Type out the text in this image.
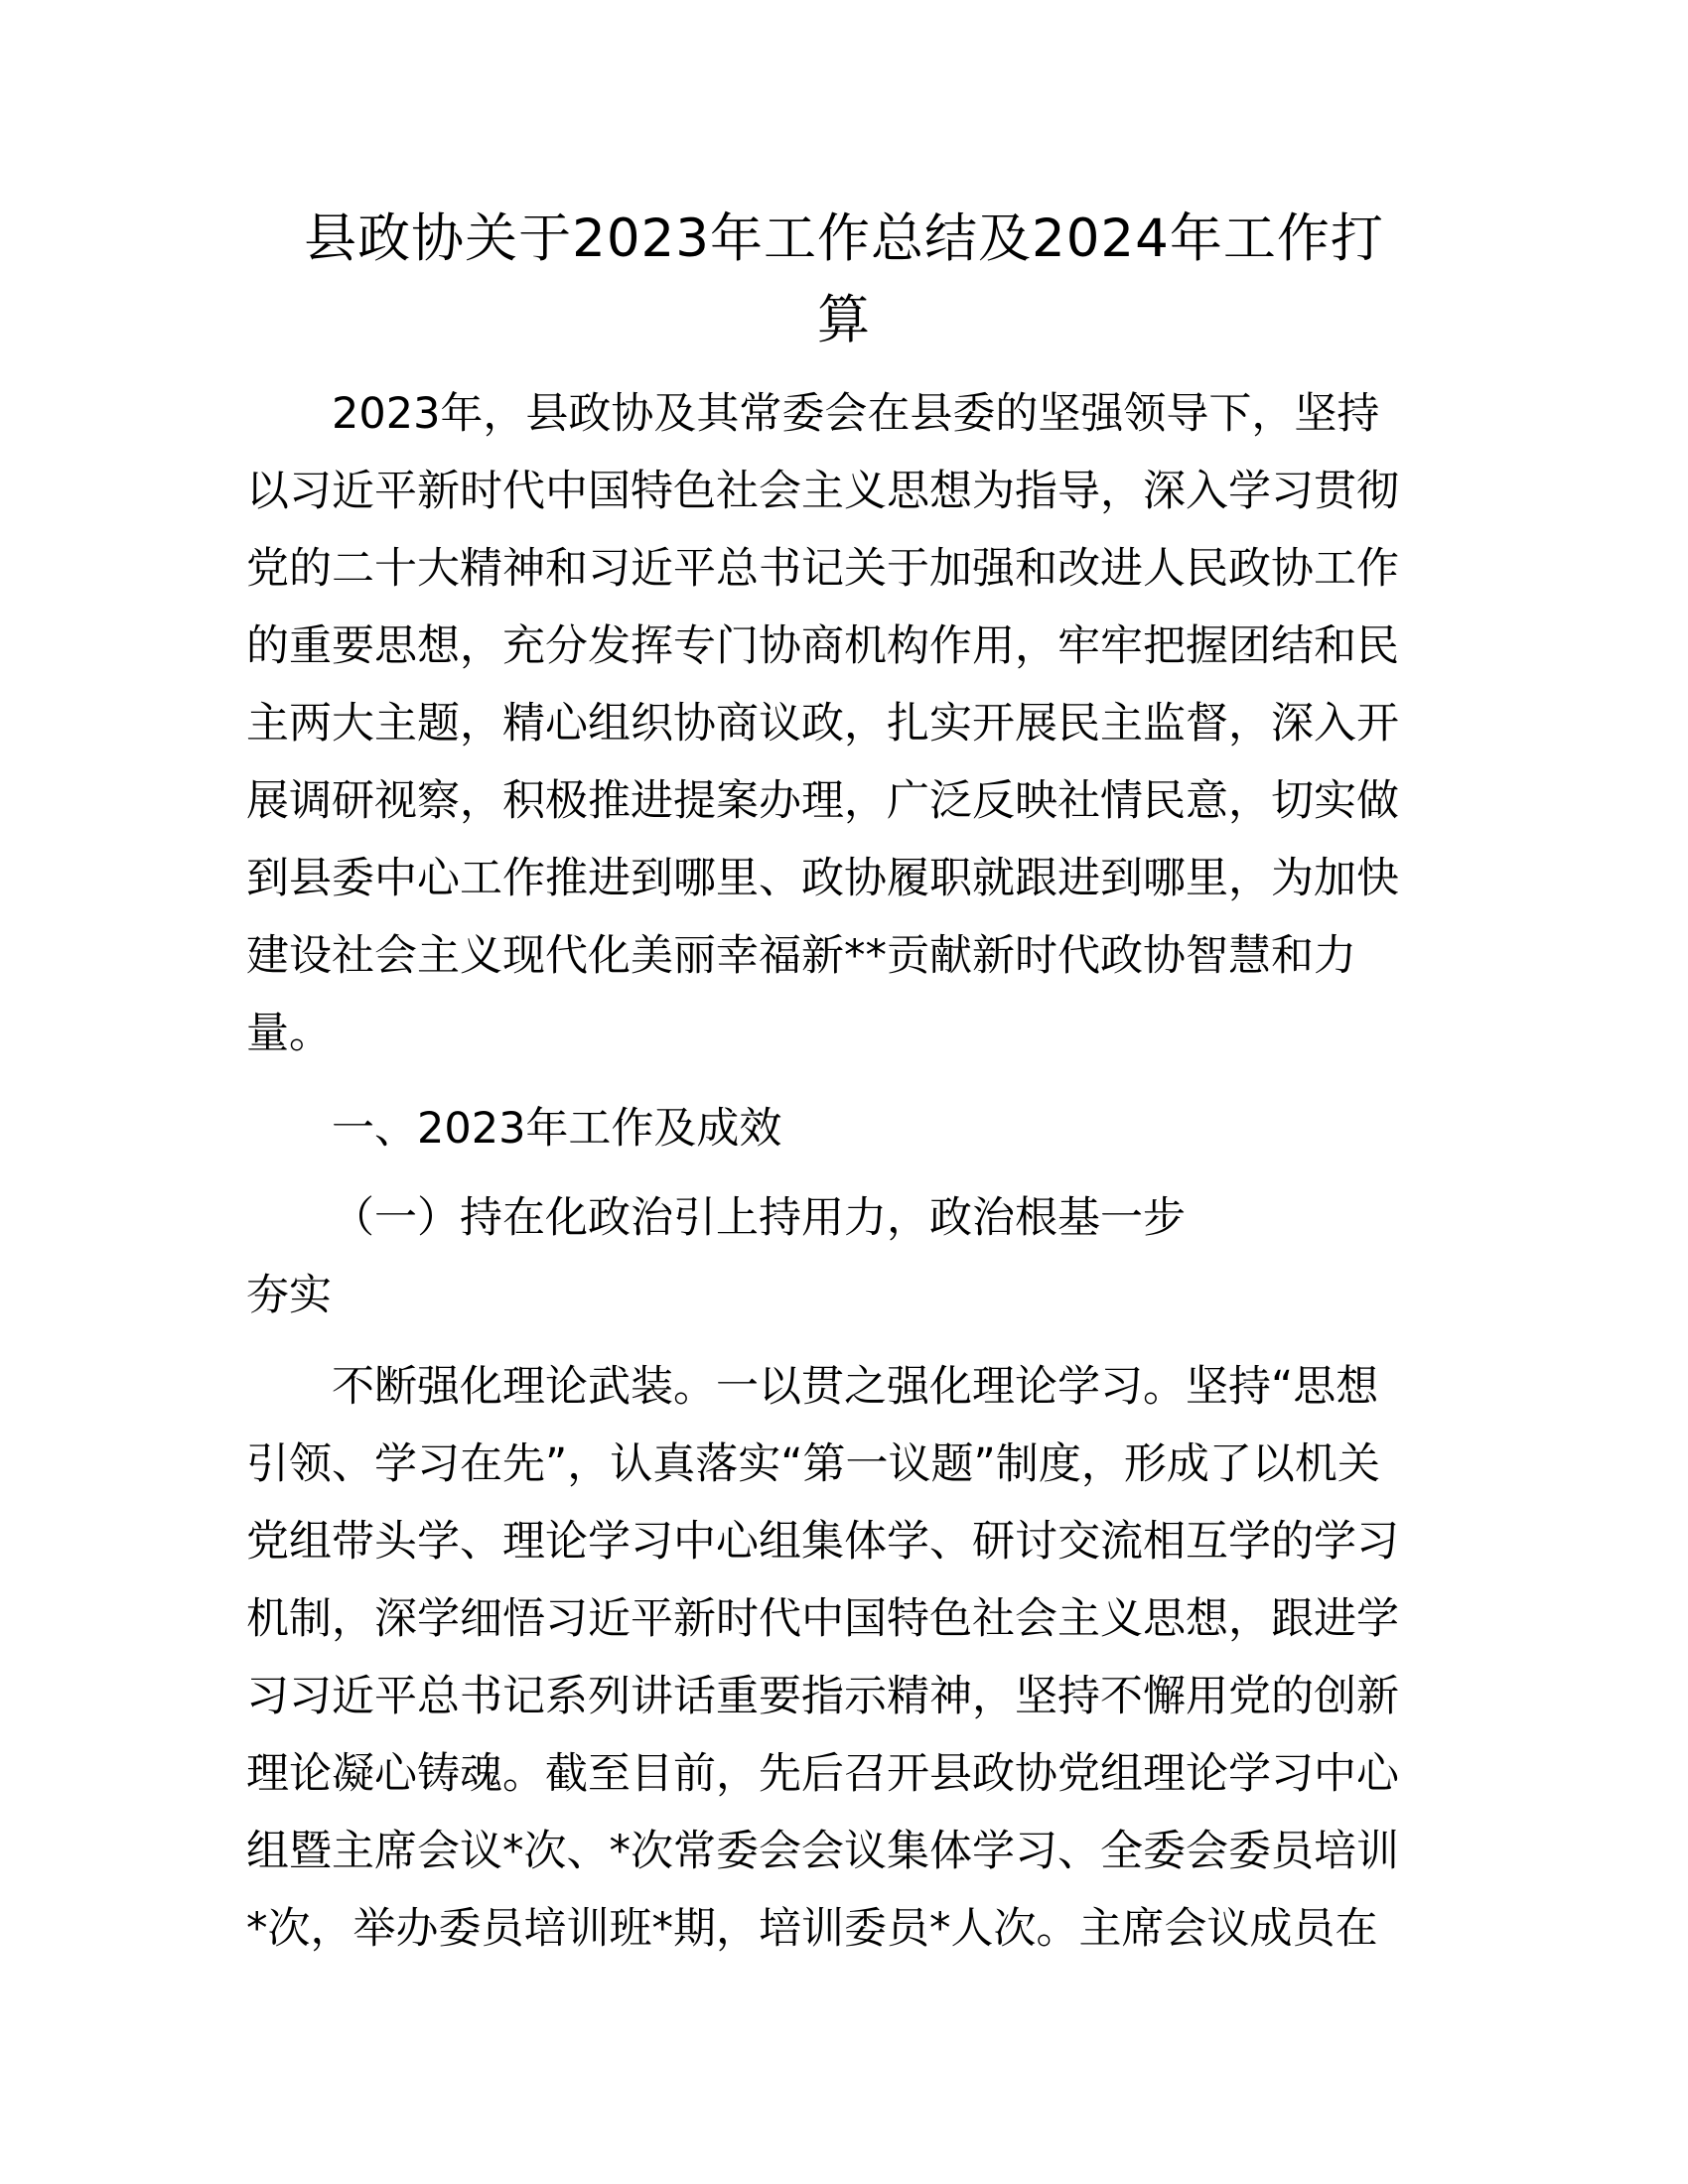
县政协关于2023年工作总结及2024年工作打
算
2023年，县政协及其常委会在县委的坚强领导下，坚持
以习近平新时代中国特色社会主义思想为指导，深入学习贯彻
党的二十大精神和习近平总书记关于加强和改进人民政协工作
的重要思想，充分发挥专门协商机构作用，牢牢把握团结和民
主两大主题，精心组织协商议政，扎实开展民主监督，深入开
展调研视察，积极推进提案办理，广泛反映社情民意，切实做
到县委中心工作推进到哪里、政协履职就跟进到哪里，为加快
建设社会主义现代化美丽幸福新**贡献新时代政协智慧和力
量。
一、2023年工作及成效
（一）持在化政治引上持用力，政治根基一步
夯实
不断强化理论武装。一以贯之强化理论学习。坚持“思想
引领、学习在先”，认真落实“第一议题”制度，形成了以机关
党组带头学、理论学习中心组集体学、研讨交流相互学的学习
机制，深学细悟习近平新时代中国特色社会主义思想，跟进学
习习近平总书记系列讲话重要指示精神，坚持不懈用党的创新
理论凝心铸魂。截至目前，先后召开县政协党组理论学习中心
组暨主席会议*次、*次常委会会议集体学习、全委会委员培训
*次，举办委员培训班*期，培训委员*人次。主席会议成员在
